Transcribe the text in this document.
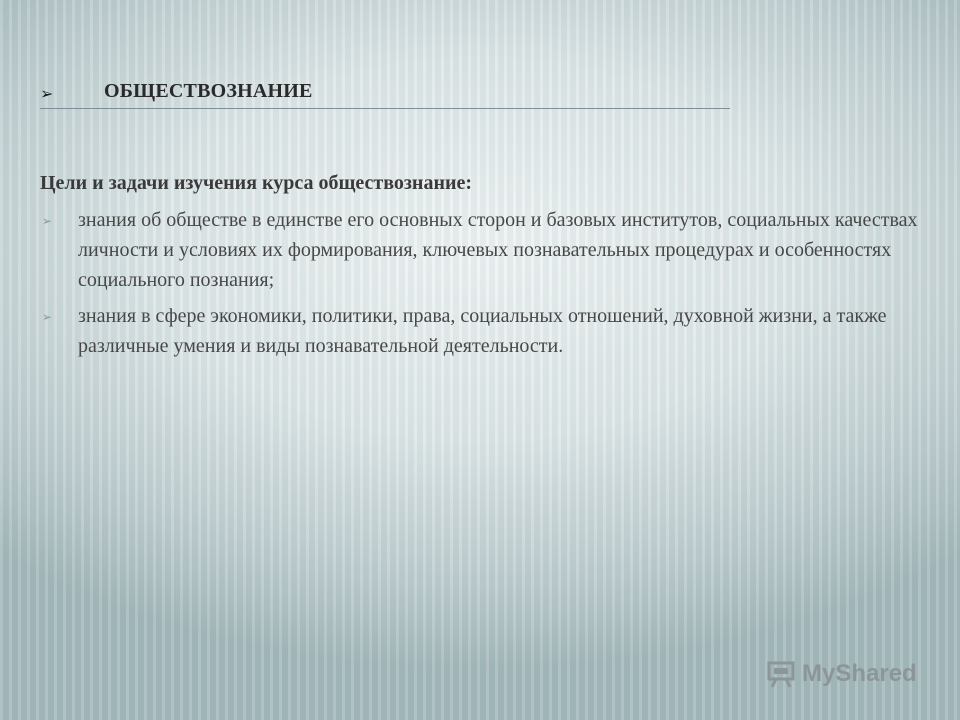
➢	ОБЩЕСТВОЗНАНИЕ
Цели и задачи изучения курса обществознание:
➢ знания об обществе в единстве его основных сторон и базовых институтов, социальных качествах личности и условиях их формирования, ключевых познавательных процедурах и особенностях социального познания;
➢ знания в сфере экономики, политики, права, социальных отношений, духовной жизни, а также различные умения и виды познавательной деятельности.
MyShared
